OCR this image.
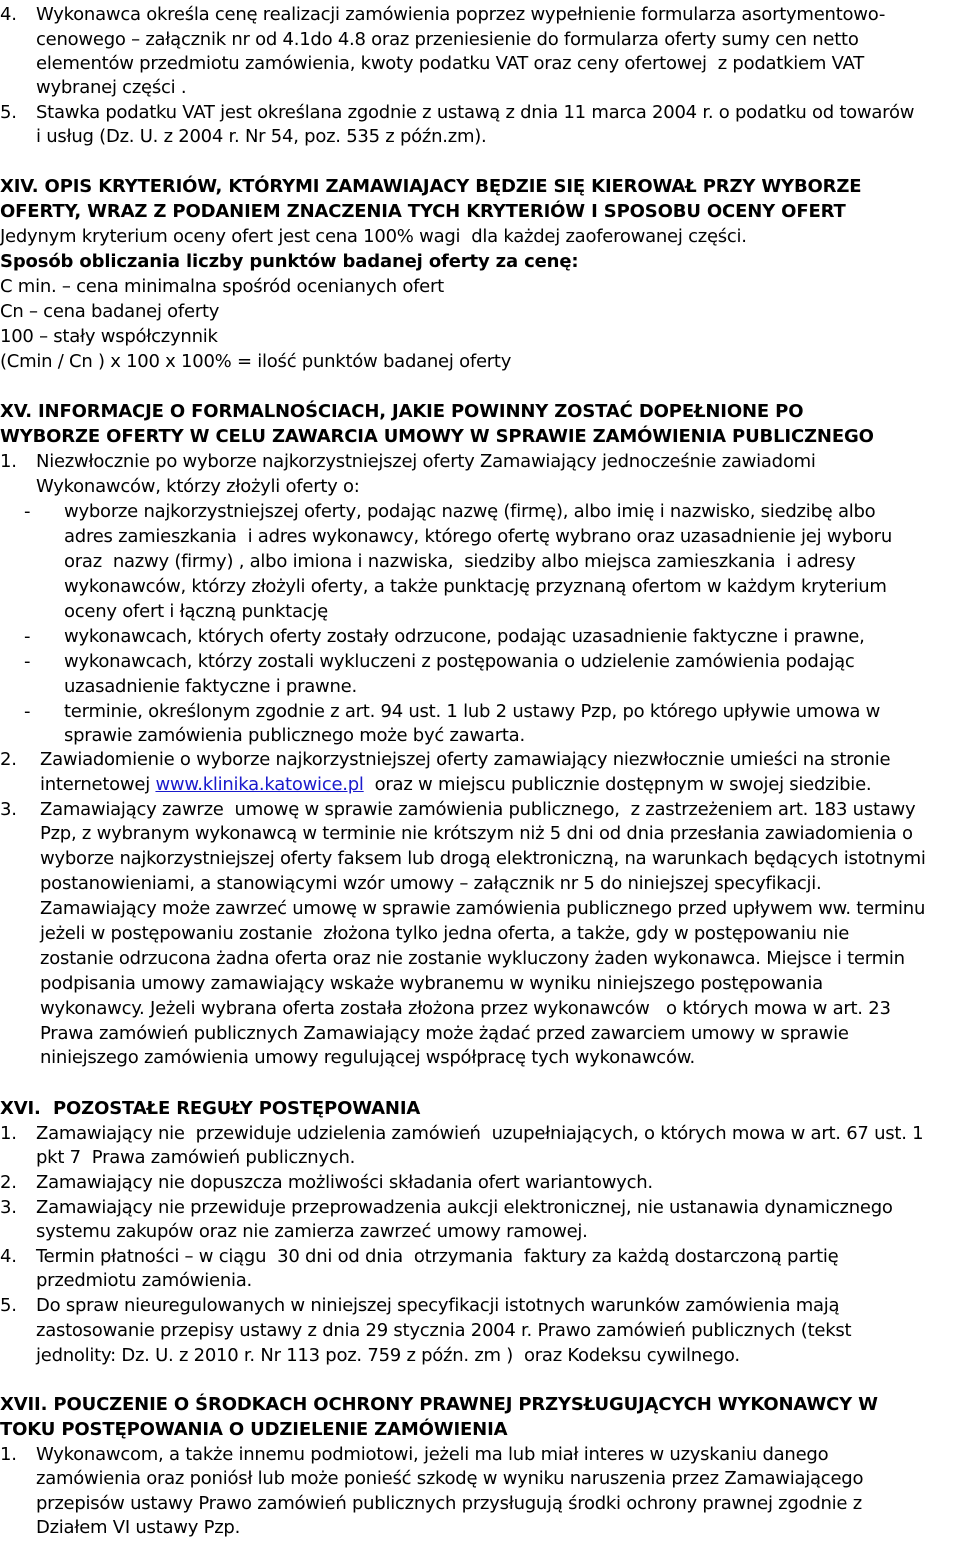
4. Wykonawca określa cenę realizacji zamówienia poprzez wypełnienie formularza asortymentowo-
cenowego – załącznik nr od 4.1do 4.8 oraz przeniesienie do formularza oferty sumy cen netto
elementów przedmiotu zamówienia, kwoty podatku VAT oraz ceny ofertowej  z podatkiem VAT
wybranej części .
5. Stawka podatku VAT jest określana zgodnie z ustawą z dnia 11 marca 2004 r. o podatku od towarów
i usług (Dz. U. z 2004 r. Nr 54, poz. 535 z późn.zm).
XIV. OPIS KRYTERIÓW, KTÓRYMI ZAMAWIAJACY BĘDZIE SIĘ KIEROWAŁ PRZY WYBORZE
OFERTY, WRAZ Z PODANIEM ZNACZENIA TYCH KRYTERIÓW I SPOSOBU OCENY OFERT
Jedynym kryterium oceny ofert jest cena 100% wagi  dla każdej zaoferowanej części.
Sposób obliczania liczby punktów badanej oferty za cenę:
C min. – cena minimalna spośród ocenianych ofert
Cn – cena badanej oferty
100 – stały współczynnik
(Cmin / Cn ) x 100 x 100% = ilość punktów badanej oferty
XV. INFORMACJE O FORMALNOŚCIACH, JAKIE POWINNY ZOSTAĆ DOPEŁNIONE PO
WYBORZE OFERTY W CELU ZAWARCIA UMOWY W SPRAWIE ZAMÓWIENIA PUBLICZNEGO
1. Niezwłocznie po wyborze najkorzystniejszej oferty Zamawiający jednocześnie zawiadomi
Wykonawców, którzy złożyli oferty o:
- wyborze najkorzystniejszej oferty, podając nazwę (firmę), albo imię i nazwisko, siedzibę albo
adres zamieszkania  i adres wykonawcy, którego ofertę wybrano oraz uzasadnienie jej wyboru
oraz  nazwy (firmy) , albo imiona i nazwiska,  siedziby albo miejsca zamieszkania  i adresy
wykonawców, którzy złożyli oferty, a także punktację przyznaną ofertom w każdym kryterium
oceny ofert i łączną punktację
- wykonawcach, których oferty zostały odrzucone, podając uzasadnienie faktyczne i prawne,
- wykonawcach, którzy zostali wykluczeni z postępowania o udzielenie zamówienia podając
uzasadnienie faktyczne i prawne.
- terminie, określonym zgodnie z art. 94 ust. 1 lub 2 ustawy Pzp, po którego upływie umowa w
sprawie zamówienia publicznego może być zawarta.
2. Zawiadomienie o wyborze najkorzystniejszej oferty zamawiający niezwłocznie umieści na stronie
internetowej www.klinika.katowice.pl  oraz w miejscu publicznie dostępnym w swojej siedzibie.
3. Zamawiający zawrze  umowę w sprawie zamówienia publicznego,  z zastrzeżeniem art. 183 ustawy
Pzp, z wybranym wykonawcą w terminie nie krótszym niż 5 dni od dnia przesłania zawiadomienia o
wyborze najkorzystniejszej oferty faksem lub drogą elektroniczną, na warunkach będących istotnymi
postanowieniami, a stanowiącymi wzór umowy – załącznik nr 5 do niniejszej specyfikacji.
Zamawiający może zawrzeć umowę w sprawie zamówienia publicznego przed upływem ww. terminu
jeżeli w postępowaniu zostanie  złożona tylko jedna oferta, a także, gdy w postępowaniu nie
zostanie odrzucona żadna oferta oraz nie zostanie wykluczony żaden wykonawca. Miejsce i termin
podpisania umowy zamawiający wskaże wybranemu w wyniku niniejszego postępowania
wykonawcy. Jeżeli wybrana oferta została złożona przez wykonawców   o których mowa w art. 23
Prawa zamówień publicznych Zamawiający może żądać przed zawarciem umowy w sprawie
niniejszego zamówienia umowy regulującej współpracę tych wykonawców.
XVI.  POZOSTAŁE REGUŁY POSTĘPOWANIA
1. Zamawiający nie  przewiduje udzielenia zamówień  uzupełniających, o których mowa w art. 67 ust. 1
pkt 7  Prawa zamówień publicznych.
2. Zamawiający nie dopuszcza możliwości składania ofert wariantowych.
3. Zamawiający nie przewiduje przeprowadzenia aukcji elektronicznej, nie ustanawia dynamicznego
systemu zakupów oraz nie zamierza zawrzeć umowy ramowej.
4. Termin płatności – w ciągu  30 dni od dnia  otrzymania  faktury za każdą dostarczoną partię
przedmiotu zamówienia.
5. Do spraw nieuregulowanych w niniejszej specyfikacji istotnych warunków zamówienia mają
zastosowanie przepisy ustawy z dnia 29 stycznia 2004 r. Prawo zamówień publicznych (tekst
jednolity: Dz. U. z 2010 r. Nr 113 poz. 759 z późn. zm )  oraz Kodeksu cywilnego.
XVII. POUCZENIE O ŚRODKACH OCHRONY PRAWNEJ PRZYSŁUGUJĄCYCH WYKONAWCY W
TOKU POSTĘPOWANIA O UDZIELENIE ZAMÓWIENIA
1. Wykonawcom, a także innemu podmiotowi, jeżeli ma lub miał interes w uzyskaniu danego
zamówienia oraz poniósł lub może ponieść szkodę w wyniku naruszenia przez Zamawiającego
przepisów ustawy Prawo zamówień publicznych przysługują środki ochrony prawnej zgodnie z
Działem VI ustawy Pzp.
